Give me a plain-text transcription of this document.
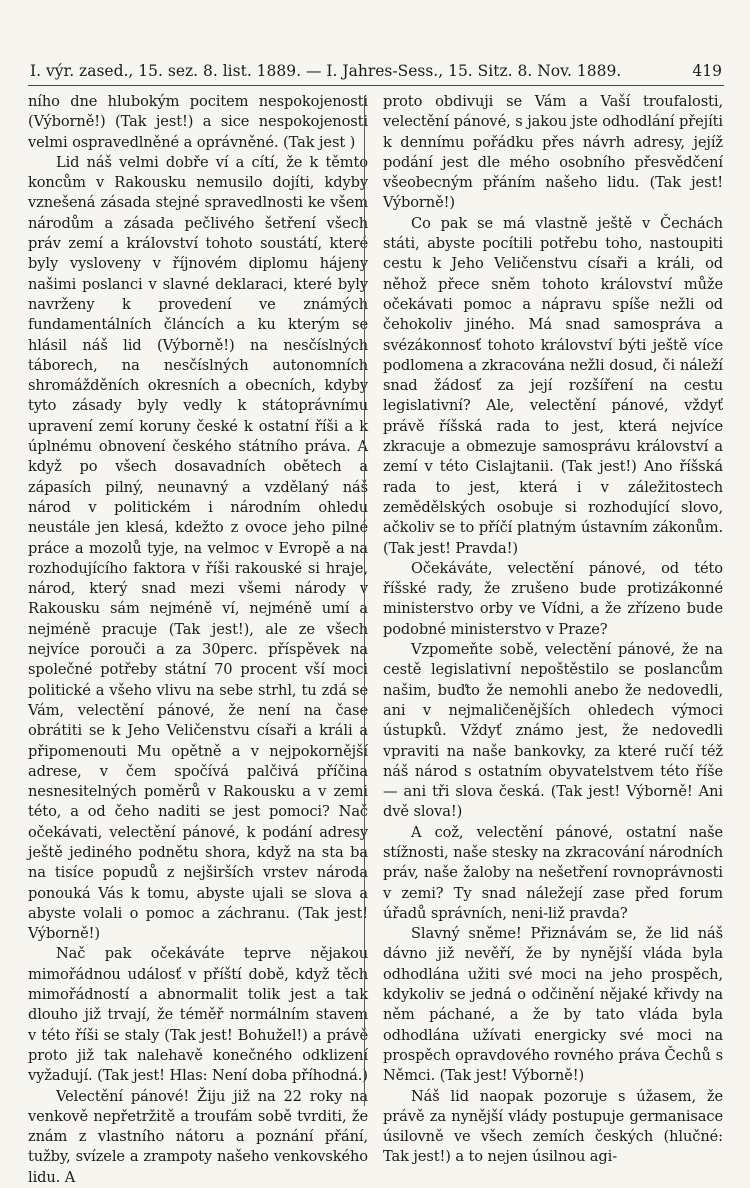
I. výr. zased., 15. sez. 8. list. 1889. — I. Jahres-Sess., 15. Sitz. 8. Nov. 1889.	419

ního dne hlubokým pocitem nespokojenosti (Výborně!) (Tak jest!) a sice nespokojenosti velmi ospravedlněné a oprávněné. (Tak jest )

Lid náš velmi dobře ví a cítí, že k těmto koncům v Rakousku nemusilo dojíti, kdyby vznešená zásada stejné spravedlnosti ke všem národům a zásada pečlivého šetření všech práv zemí a království tohoto soustátí, které byly vysloveny v říjnovém diplomu hájeny našimi poslanci v slavné deklaraci, které byly navrženy k provedení ve známých fundamentálních článcích a ku kterým se hlásil náš lid (Výborně!) na nesčíslných táborech, na nesčíslných autonomních shromážděních okresních a obecních, kdyby tyto zásady byly vedly k státoprávnímu upravení zemí koruny české k ostatní říši a k úplnému obnovení českého státního práva. A když po všech dosavadních obětech a zápasích pilný, neunavný a vzdělaný náš národ v politickém i národním ohledu neustále jen klesá, kdežto z ovoce jeho pilné práce a mozolů tyje, na velmoc v Evropě a na rozhodujícího faktora v říši rakouské si hraje, národ, který snad mezi všemi národy v Rakousku sám nejméně ví, nejméně umí a nejméně pracuje (Tak jest!), ale ze všech nejvíce porouči a za 30perc. příspěvek na společné potřeby státní 70 procent vší moci politické a všeho vlivu na sebe strhl, tu zdá se Vám, velectění pánové, že není na čase obrátiti se k Jeho Veličenstvu císaři a králi a připomenouti Mu opětně a v nejpokornější adrese, v čem spočívá palčivá příčina nesnesitelných poměrů v Rakousku a v zemi této, a od čeho naditi se jest pomoci? Nač očekávati, velectění pánové, k podání adresy ještě jediného podnětu shora, když na sta ba na tisíce popudů z nejširších vrstev národa ponouká Vás k tomu, abyste ujali se slova a abyste volali o pomoc a záchranu. (Tak jest! Výborně!)

Nač pak očekáváte teprve nějakou mimořádnou událosť v příští době, když těch mimořádností a abnormalit tolik jest a tak dlouho již trvají, že téměř normálním stavem v této říši se staly (Tak jest! Bohužel!) a právě proto již tak nalehavě konečného odklizení vyžadují. (Tak jest! Hlas: Není doba příhodná.)

Velectění pánové! Žiju již na 22 roky na venkově nepřetržitě a troufám sobě tvrditi, že znám z vlastního nátoru a poznání přání, tužby, svízele a zrampoty našeho venkovského lidu. A

proto obdivuji se Vám a Vaší troufalosti, velectění pánové, s jakou jste odhodlání přejíti k dennímu pořádku přes návrh adresy, jejíž podání jest dle mého osobního přesvědčení všeobecným přáním našeho lidu. (Tak jest! Výborně!)

Co pak se má vlastně ještě v Čechách státi, abyste pocítili potřebu toho, nastoupiti cestu k Jeho Veličenstvu císaři a králi, od něhož přece sněm tohoto království může očekávati pomoc a nápravu spíše nežli od čehokoliv jiného. Má snad samospráva a svézákonnosť tohoto království býti ještě více podlomena a zkracována nežli dosud, či náleží snad žádosť za její rozšíření na cestu legislativní? Ale, velectění pánové, vždyť právě říšská rada to jest, která nejvíce zkracuje a obmezuje samosprávu království a zemí v této Cislajtanii. (Tak jest!) Ano říšská rada to jest, která i v záležitostech zemědělských osobuje si rozhodující slovo, ačkoliv se to příčí platným ústavním zákonům. (Tak jest! Pravda!)

Očekáváte, velectění pánové, od této říšské rady, že zrušeno bude protizákonné ministerstvo orby ve Vídni, a že zřízeno bude podobné ministerstvo v Praze?

Vzpomeňte sobě, velectění pánové, že na cestě legislativní nepoštěstilo se poslancům našim, buďto že nemohli anebo že nedovedli, ani v nejmaličenějších ohledech výmoci ústupků. Vždyť známo jest, že nedovedli vpraviti na naše bankovky, za které ručí též náš národ s ostatním obyvatelstvem této říše — ani tři slova česká. (Tak jest! Výborně! Ani dvě slova!)

A což, velectění pánové, ostatní naše stížnosti, naše stesky na zkracování národních práv, naše žaloby na nešetření rovnoprávnosti v zemi? Ty snad náležejí zase před forum úřadů správních, neni-liž pravda?

Slavný sněme! Přiznávám se, že lid náš dávno již nevěří, že by nynější vláda byla odhodlána užiti své moci na jeho prospěch, kdykoliv se jedná o odčinění nějaké křivdy na něm páchané, a že by tato vláda byla odhodlána užívati energicky své moci na prospěch opravdového rovného práva Čechů s Němci. (Tak jest! Výborně!)

Náš lid naopak pozoruje s úžasem, že právě za nynější vlády postupuje germanisace úsilovně ve všech zemích českých (hlučné: Tak jest!) a to nejen úsilnou agi-
